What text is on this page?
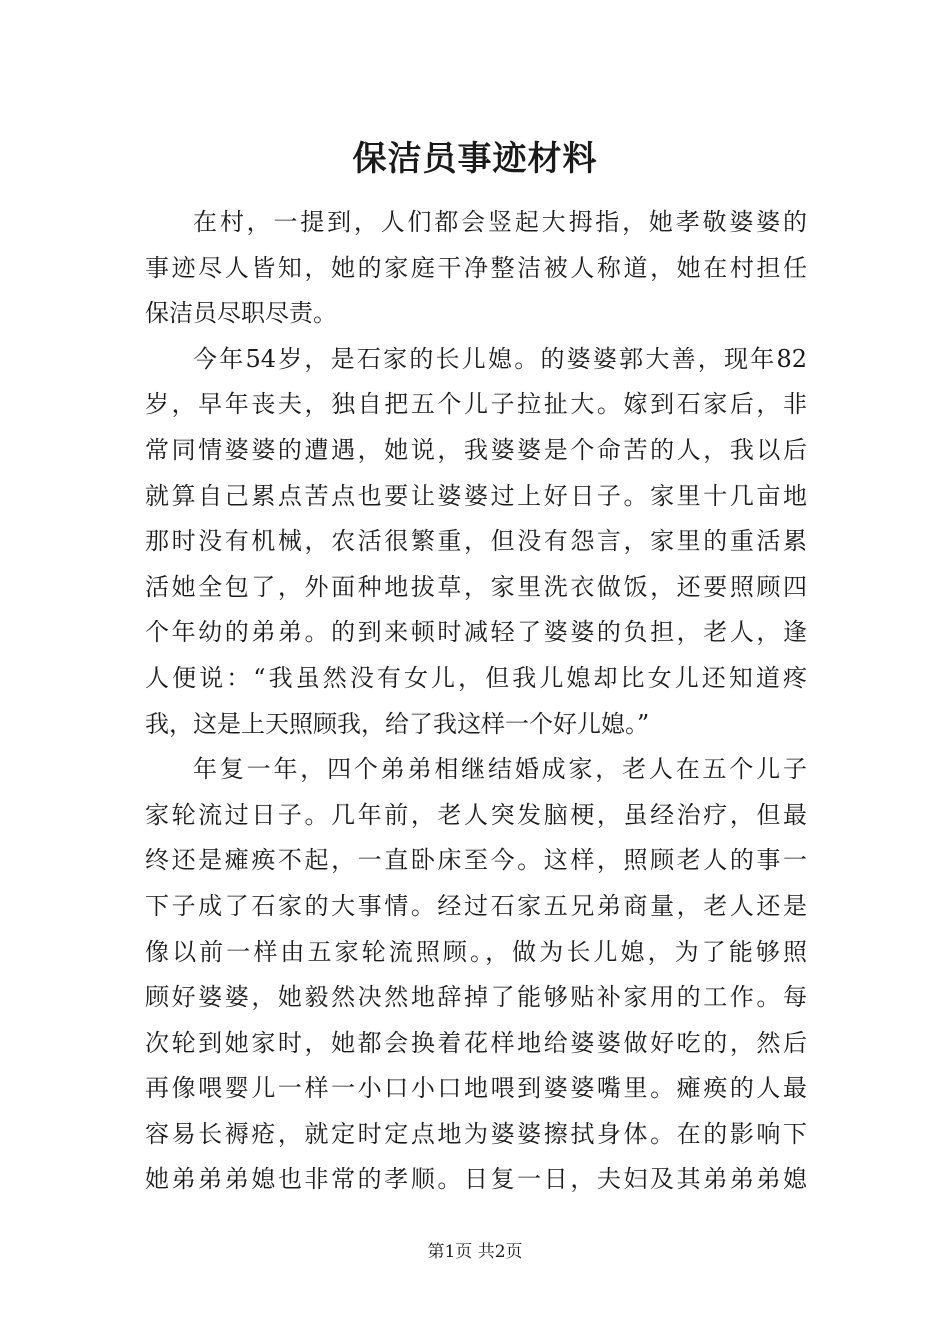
保洁员事迹材料
在村，一提到，人们都会竖起大拇指，她孝敬婆婆的
事迹尽人皆知，她的家庭干净整洁被人称道，她在村担任
保洁员尽职尽责。
今年54岁，是石家的长儿媳。的婆婆郭大善，现年82
岁，早年丧夫，独自把五个儿子拉扯大。嫁到石家后，非
常同情婆婆的遭遇，她说，我婆婆是个命苦的人，我以后
就算自己累点苦点也要让婆婆过上好日子。家里十几亩地
那时没有机械，农活很繁重，但没有怨言，家里的重活累
活她全包了，外面种地拔草，家里洗衣做饭，还要照顾四
个年幼的弟弟。的到来顿时减轻了婆婆的负担，老人，逢
人便说：“我虽然没有女儿，但我儿媳却比女儿还知道疼
我，这是上天照顾我，给了我这样一个好儿媳。”
年复一年，四个弟弟相继结婚成家，老人在五个儿子
家轮流过日子。几年前，老人突发脑梗，虽经治疗，但最
终还是瘫痪不起，一直卧床至今。这样，照顾老人的事一
下子成了石家的大事情。经过石家五兄弟商量，老人还是
像以前一样由五家轮流照顾。，做为长儿媳，为了能够照
顾好婆婆，她毅然决然地辞掉了能够贴补家用的工作。每
次轮到她家时，她都会换着花样地给婆婆做好吃的，然后
再像喂婴儿一样一小口小口地喂到婆婆嘴里。瘫痪的人最
容易长褥疮，就定时定点地为婆婆擦拭身体。在的影响下
她弟弟弟媳也非常的孝顺。日复一日，夫妇及其弟弟弟媳
第1页 共2页
